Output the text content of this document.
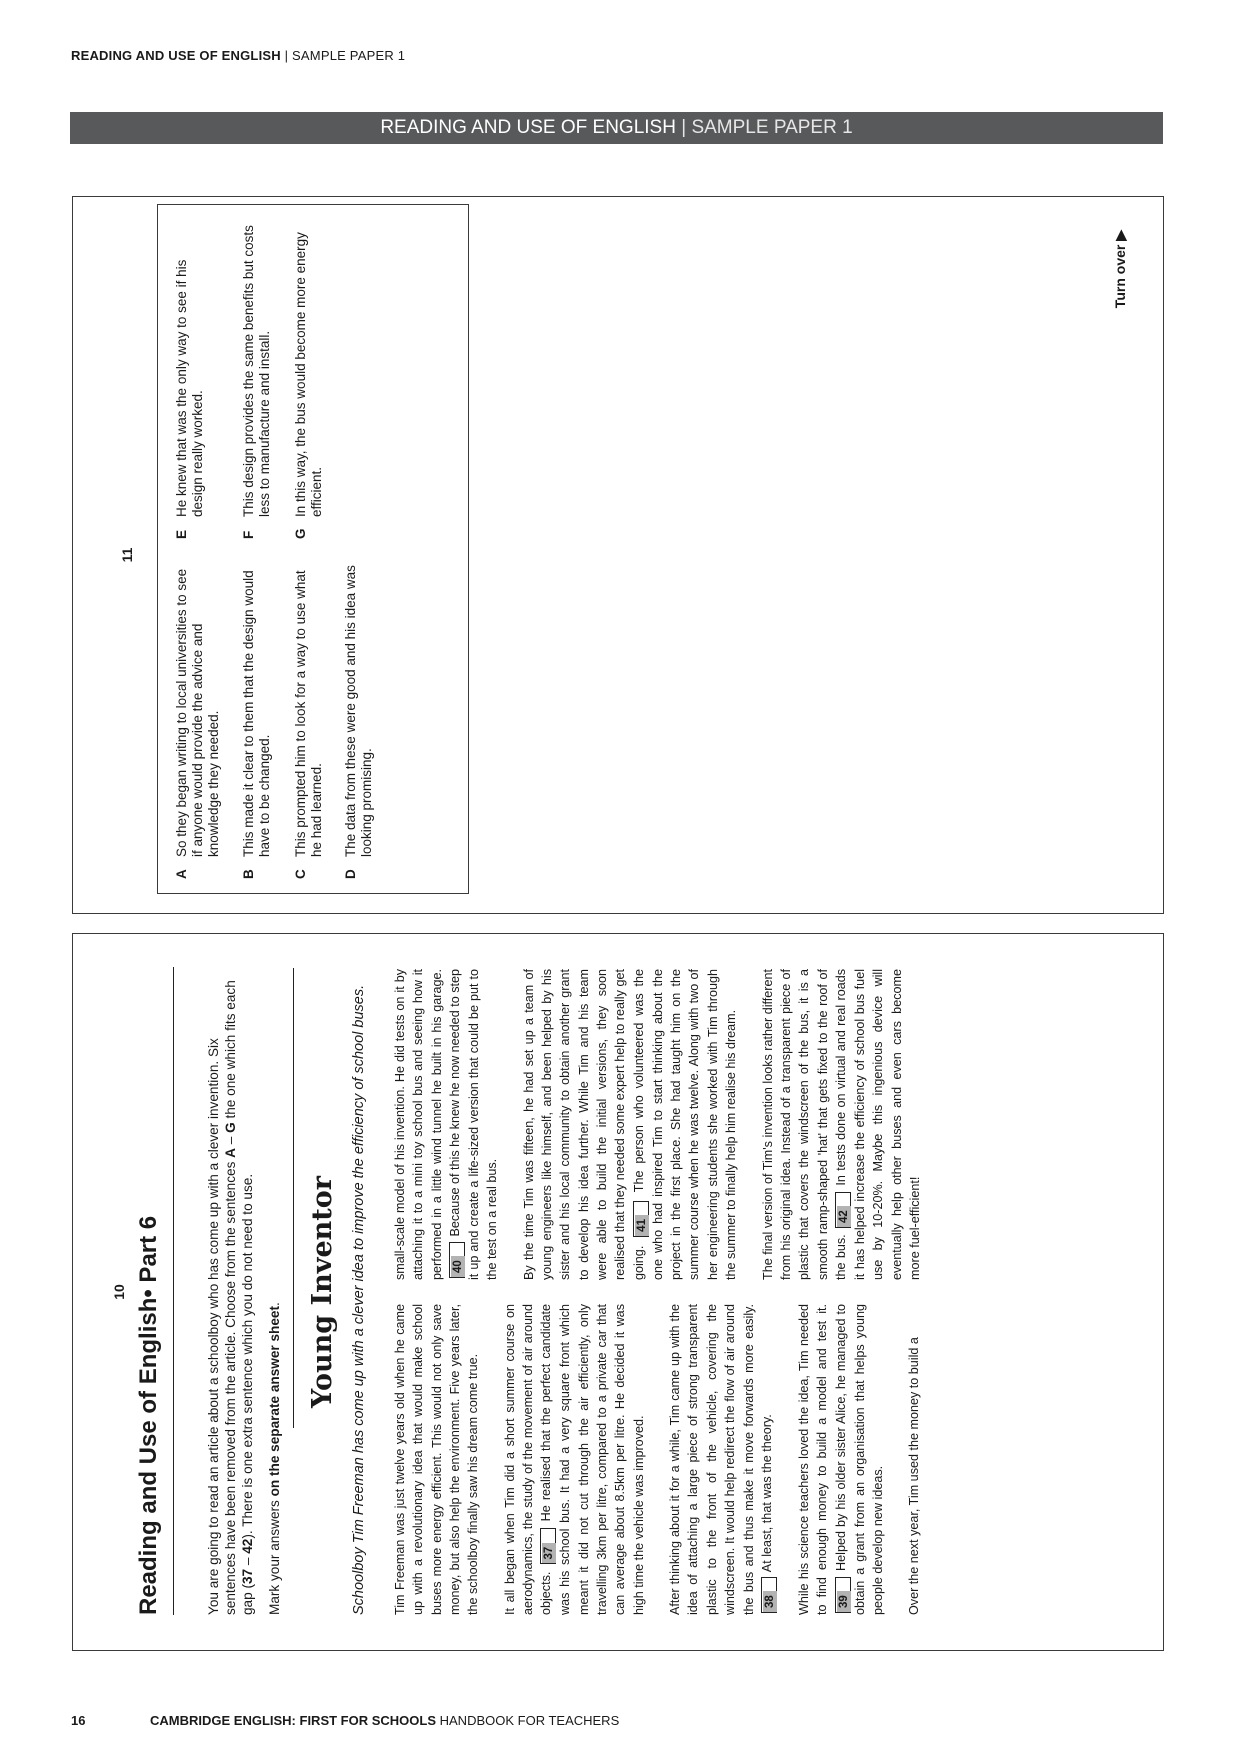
READING AND USE OF ENGLISH | SAMPLE PAPER 1
READING AND USE OF ENGLISH | SAMPLE PAPER 1
11
A
So they began writing to local universities to see if anyone would provide the advice and knowledge they needed.
B
This made it clear to them that the design would have to be changed.
C
This prompted him to look for a way to use what he had learned.
D
The data from these were good and his idea was looking promising.
E
He knew that was the only way to see if his design really worked.
F
This design provides the same benefits but costs less to manufacture and install.
G
In this way, the bus would become more energy efficient.
Turn over ▶
10 Reading and Use of English• Part 6	You are going to read an article about a schoolboy who has come up with a clever invention. Six sentences have been removed from the article. Choose from the sentences A – G the one which fits each gap (37 – 42). There is one extra sentence which you do not need to use.
Mark your answers on the separate answer sheet. Young Inventor Schoolboy Tim Freeman has come up with a clever idea to improve the efficiency of school buses. Tim Freeman was just twelve years old when he came up with a revolutionary idea that would make school buses more energy efficient. This would not only save money, but also help the environment. Five years later, the schoolboy finally saw his dream come true. It all began when Tim did a short summer course on aerodynamics, the study of the movement of air around objects. 37 He realised that the perfect candidate was his school bus. It had a very square front which meant it did not cut through the air efficiently, only travelling 3km per litre, compared to a private car that can average about 8.5km per litre. He decided it was high time the vehicle was improved. After thinking about it for a while, Tim came up with the idea of attaching a large piece of strong transparent plastic to the front of the vehicle, covering the windscreen. It would help redirect the flow of air around the bus and thus make it move forwards more easily. 38 At least, that was the theory. While his science teachers loved the idea, Tim needed to find enough money to build a model and test it. 39 Helped by his older sister Alice, he managed to obtain a grant from an organisation that helps young people develop new ideas. Over the next year, Tim used the money to build a

small-scale model of his invention. He did tests on it by attaching it to a mini toy school bus and seeing how it performed in a little wind tunnel he built in his garage. 40 Because of this he knew he now needed to step it up and create a life-sized version that could be put to the test on a real bus. By the time Tim was fifteen, he had set up a team of young engineers like himself, and been helped by his sister and his local community to obtain another grant to develop his idea further. While Tim and his team were able to build the initial versions, they soon realised that they needed some expert help to really get going. 41 The person who volunteered was the one who had inspired Tim to start thinking about the project in the first place. She had taught him on the summer course when he was twelve. Along with two of her engineering students she worked with Tim through the summer to finally help him realise his dream. The final version of Tim's invention looks rather different from his original idea. Instead of a transparent piece of plastic that covers the windscreen of the bus, it is a smooth ramp-shaped 'hat' that gets fixed to the roof of the bus. 42 In tests done on virtual and real roads it has helped increase the efficiency of school bus fuel use by 10-20%. Maybe this ingenious device will eventually help other buses and even cars become more fuel-efficient!

16	CAMBRIDGE ENGLISH: FIRST FOR SCHOOLS HANDBOOK FOR TEACHERS
